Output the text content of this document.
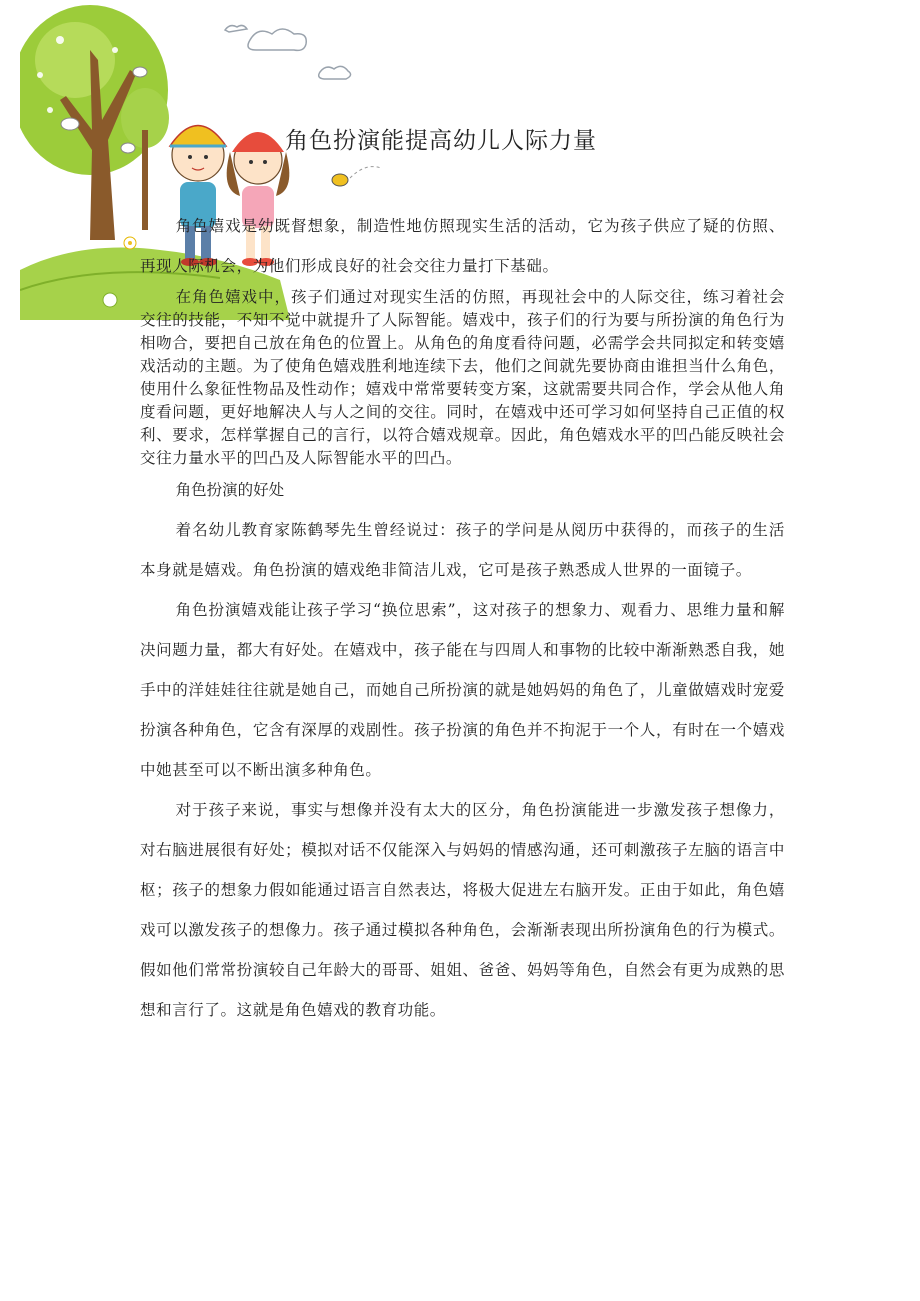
角色扮演能提高幼儿人际力量

角色嬉戏是幼既督想象，制造性地仿照现实生活的活动，它为孩子供应了疑的仿照、再现人际机会，为他们形成良好的社会交往力量打下基础。

在角色嬉戏中，孩子们通过对现实生活的仿照，再现社会中的人际交往，练习着社会交往的技能，不知不觉中就提升了人际智能。嬉戏中，孩子们的行为要与所扮演的角色行为相吻合，要把自己放在角色的位置上。从角色的角度看待问题，必需学会共同拟定和转变嬉戏活动的主题。为了使角色嬉戏胜利地连续下去，他们之间就先要协商由谁担当什么角色，使用什么象征性物品及性动作；嬉戏中常常要转变方案，这就需要共同合作，学会从他人角度看问题，更好地解决人与人之间的交往。同时，在嬉戏中还可学习如何坚持自己正值的权利、要求，怎样掌握自己的言行，以符合嬉戏规章。因此，角色嬉戏水平的凹凸能反映社会交往力量水平的凹凸及人际智能水平的凹凸。

角色扮演的好处

着名幼儿教育家陈鹤琴先生曾经说过：孩子的学问是从阅历中获得的，而孩子的生活本身就是嬉戏。角色扮演的嬉戏绝非简洁儿戏，它可是孩子熟悉成人世界的一面镜子。

角色扮演嬉戏能让孩子学习“换位思索”，这对孩子的想象力、观看力、思维力量和解决问题力量，都大有好处。在嬉戏中，孩子能在与四周人和事物的比较中渐渐熟悉自我，她手中的洋娃娃往往就是她自己，而她自己所扮演的就是她妈妈的角色了，儿童做嬉戏时宠爱扮演各种角色，它含有深厚的戏剧性。孩子扮演的角色并不拘泥于一个人，有时在一个嬉戏中她甚至可以不断出演多种角色。

对于孩子来说，事实与想像并没有太大的区分，角色扮演能进一步激发孩子想像力，对右脑进展很有好处；模拟对话不仅能深入与妈妈的情感沟通，还可刺激孩子左脑的语言中枢；孩子的想象力假如能通过语言自然表达，将极大促进左右脑开发。正由于如此，角色嬉戏可以激发孩子的想像力。孩子通过模拟各种角色，会渐渐表现出所扮演角色的行为模式。假如他们常常扮演较自己年龄大的哥哥、姐姐、爸爸、妈妈等角色，自然会有更为成熟的思想和言行了。这就是角色嬉戏的教育功能。
